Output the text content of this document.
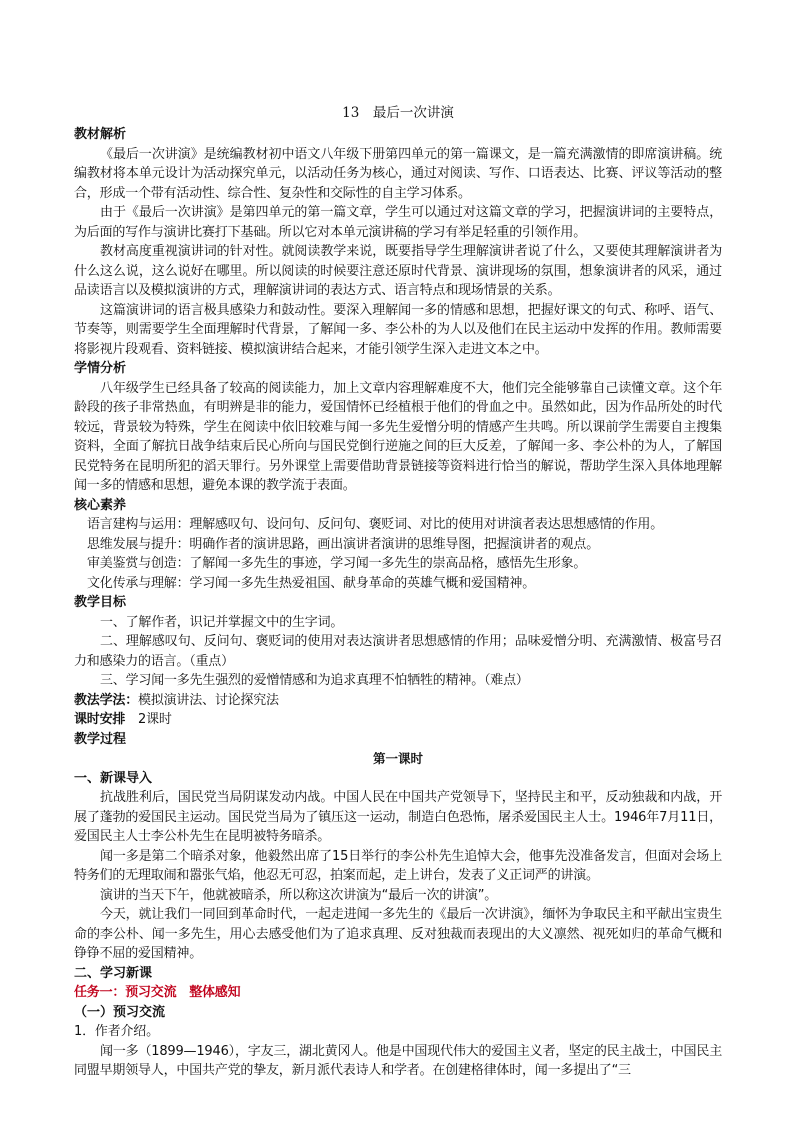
13　最后一次讲演

教材解析

《最后一次讲演》是统编教材初中语文八年级下册第四单元的第一篇课文，是一篇充满激情的即席演讲稿。统编教材将本单元设计为活动探究单元，以活动任务为核心，通过对阅读、写作、口语表达、比赛、评议等活动的整合，形成一个带有活动性、综合性、复杂性和交际性的自主学习体系。

由于《最后一次讲演》是第四单元的第一篇文章，学生可以通过对这篇文章的学习，把握演讲词的主要特点，为后面的写作与演讲比赛打下基础。所以它对本单元演讲稿的学习有举足轻重的引领作用。

教材高度重视演讲词的针对性。就阅读教学来说，既要指导学生理解演讲者说了什么，又要使其理解演讲者为什么这么说，这么说好在哪里。所以阅读的时候要注意还原时代背景、演讲现场的氛围，想象演讲者的风采，通过品读语言以及模拟演讲的方式，理解演讲词的表达方式、语言特点和现场情景的关系。

这篇演讲词的语言极具感染力和鼓动性。要深入理解闻一多的情感和思想，把握好课文的句式、称呼、语气、节奏等，则需要学生全面理解时代背景，了解闻一多、李公朴的为人以及他们在民主运动中发挥的作用。教师需要将影视片段观看、资料链接、模拟演讲结合起来，才能引领学生深入走进文本之中。

学情分析

八年级学生已经具备了较高的阅读能力，加上文章内容理解难度不大，他们完全能够靠自己读懂文章。这个年龄段的孩子非常热血，有明辨是非的能力，爱国情怀已经植根于他们的骨血之中。虽然如此，因为作品所处的时代较远，背景较为特殊，学生在阅读中依旧较难与闻一多先生爱憎分明的情感产生共鸣。所以课前学生需要自主搜集资料，全面了解抗日战争结束后民心所向与国民党倒行逆施之间的巨大反差，了解闻一多、李公朴的为人，了解国民党特务在昆明所犯的滔天罪行。另外课堂上需要借助背景链接等资料进行恰当的解说，帮助学生深入具体地理解闻一多的情感和思想，避免本课的教学流于表面。

核心素养

语言建构与运用：理解感叹句、设问句、反问句、褒贬词、对比的使用对讲演者表达思想感情的作用。

思维发展与提升：明确作者的演讲思路，画出演讲者演讲的思维导图，把握演讲者的观点。

审美鉴赏与创造：了解闻一多先生的事迹，学习闻一多先生的崇高品格，感悟先生形象。

文化传承与理解：学习闻一多先生热爱祖国、献身革命的英雄气概和爱国精神。

教学目标

一、了解作者，识记并掌握文中的生字词。

二、理解感叹句、反问句、褒贬词的使用对表达演讲者思想感情的作用；品味爱憎分明、充满激情、极富号召力和感染力的语言。（重点）

三、学习闻一多先生强烈的爱憎情感和为追求真理不怕牺牲的精神。（难点）

教法学法：模拟演讲法、讨论探究法

课时安排　2课时

教学过程

第一课时

一、新课导入

抗战胜利后，国民党当局阴谋发动内战。中国人民在中国共产党领导下，坚持民主和平，反动独裁和内战，开展了蓬勃的爱国民主运动。国民党当局为了镇压这一运动，制造白色恐怖，屠杀爱国民主人士。1946年7月11日，爱国民主人士李公朴先生在昆明被特务暗杀。

闻一多是第二个暗杀对象，他毅然出席了15日举行的李公朴先生追悼大会，他事先没准备发言，但面对会场上特务们的无理取闹和嚣张气焰，他忍无可忍，拍案而起，走上讲台，发表了义正词严的讲演。

演讲的当天下午，他就被暗杀，所以称这次讲演为“最后一次的讲演”。

今天，就让我们一同回到革命时代，一起走进闻一多先生的《最后一次讲演》，缅怀为争取民主和平献出宝贵生命的李公朴、闻一多先生，用心去感受他们为了追求真理、反对独裁而表现出的大义凛然、视死如归的革命气概和铮铮不屈的爱国精神。

二、学习新课

任务一：预习交流　整体感知

（一）预习交流

1．作者介绍。

闻一多（1899—1946），字友三，湖北黄冈人。他是中国现代伟大的爱国主义者，坚定的民主战士，中国民主同盟早期领导人，中国共产党的挚友，新月派代表诗人和学者。在创建格律体时，闻一多提出了“三
